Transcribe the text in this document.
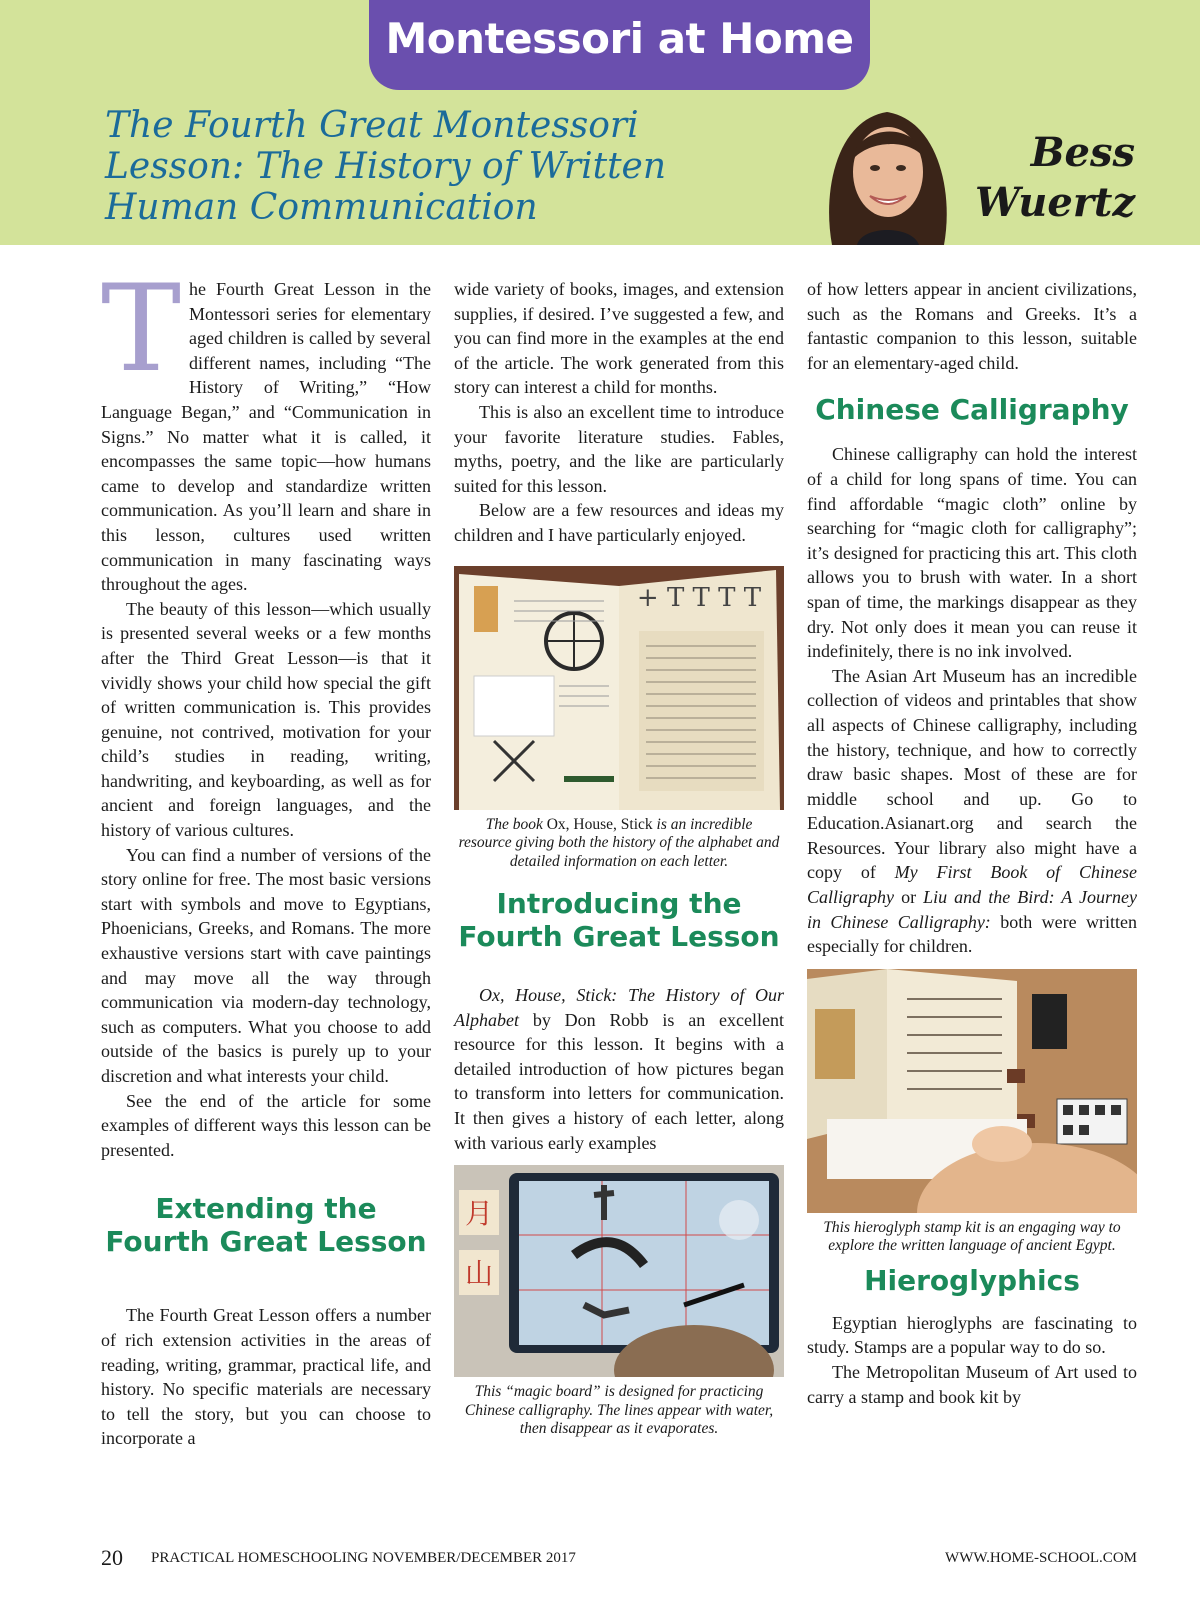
Montessori at Home
The Fourth Great Montessori
Lesson: The History of Written
Human Communication
Bess
Wuertz

The Fourth Great Lesson in the Montessori series for elementary aged children is called by several different names, including “The History of Writing,” “How Language Began,” and “Communication in Signs.” No matter what it is called, it encompasses the same topic—how humans came to develop and standardize written communication. As you’ll learn and share in this lesson, cultures used written communication in many fascinating ways throughout the ages.

The beauty of this lesson—which usually is presented several weeks or a few months after the Third Great Lesson—is that it vividly shows your child how special the gift of written communication is. This provides genuine, not contrived, motivation for your child’s studies in reading, writing, handwriting, and keyboarding, as well as for ancient and foreign languages, and the history of various cultures.

You can find a number of versions of the story online for free. The most basic versions start with symbols and move to Egyptians, Phoenicians, Greeks, and Romans. The more exhaustive versions start with cave paintings and may move all the way through communication via modern-day technology, such as computers. What you choose to add outside of the basics is purely up to your discretion and what interests your child.

See the end of the article for some examples of different ways this lesson can be presented.

Extending the Fourth Great Lesson

The Fourth Great Lesson offers a number of rich extension activities in the areas of reading, writing, grammar, practical life, and history. No specific materials are necessary to tell the story, but you can choose to incorporate a

wide variety of books, images, and extension supplies, if desired. I’ve suggested a few, and you can find more in the examples at the end of the article. The work generated from this story can interest a child for months.

This is also an excellent time to introduce your favorite literature studies. Fables, myths, poetry, and the like are particularly suited for this lesson.

Below are a few resources and ideas my children and I have particularly enjoyed.

+ T T T T
The book Ox, House, Stick is an incredible resource giving both the history of the alphabet and detailed information on each letter.
Introducing the Fourth Great Lesson

Ox, House, Stick: The History of Our Alphabet by Don Robb is an excellent resource for this lesson. It begins with a detailed introduction of how pictures began to transform into letters for communication. It then gives a history of each letter, along with various early examples

月
山
This “magic board” is designed for practicing Chinese calligraphy. The lines appear with water, then disappear as it evaporates.

of how letters appear in ancient civilizations, such as the Romans and Greeks. It’s a fantastic companion to this lesson, suitable for an elementary-aged child.

Chinese Calligraphy

Chinese calligraphy can hold the interest of a child for long spans of time. You can find affordable “magic cloth” online by searching for “magic cloth for calligraphy”; it’s designed for practicing this art. This cloth allows you to brush with water. In a short span of time, the markings disappear as they dry. Not only does it mean you can reuse it indefinitely, there is no ink involved.

The Asian Art Museum has an incredible collection of videos and printables that show all aspects of Chinese calligraphy, including the history, technique, and how to correctly draw basic shapes. Most of these are for middle school and up. Go to Education.Asianart.org and search the Resources. Your library also might have a copy of My First Book of Chinese Calligraphy or Liu and the Bird: A Journey in Chinese Calligraphy: both were written especially for children.

This hieroglyph stamp kit is an engaging way to explore the written language of ancient Egypt.
Hieroglyphics

Egyptian hieroglyphs are fascinating to study. Stamps are a popular way to do so.

The Metropolitan Museum of Art used to carry a stamp and book kit by

20 PRACTICAL HOMESCHOOLING NOVEMBER/DECEMBER 2017	WWW.HOME-SCHOOL.COM
